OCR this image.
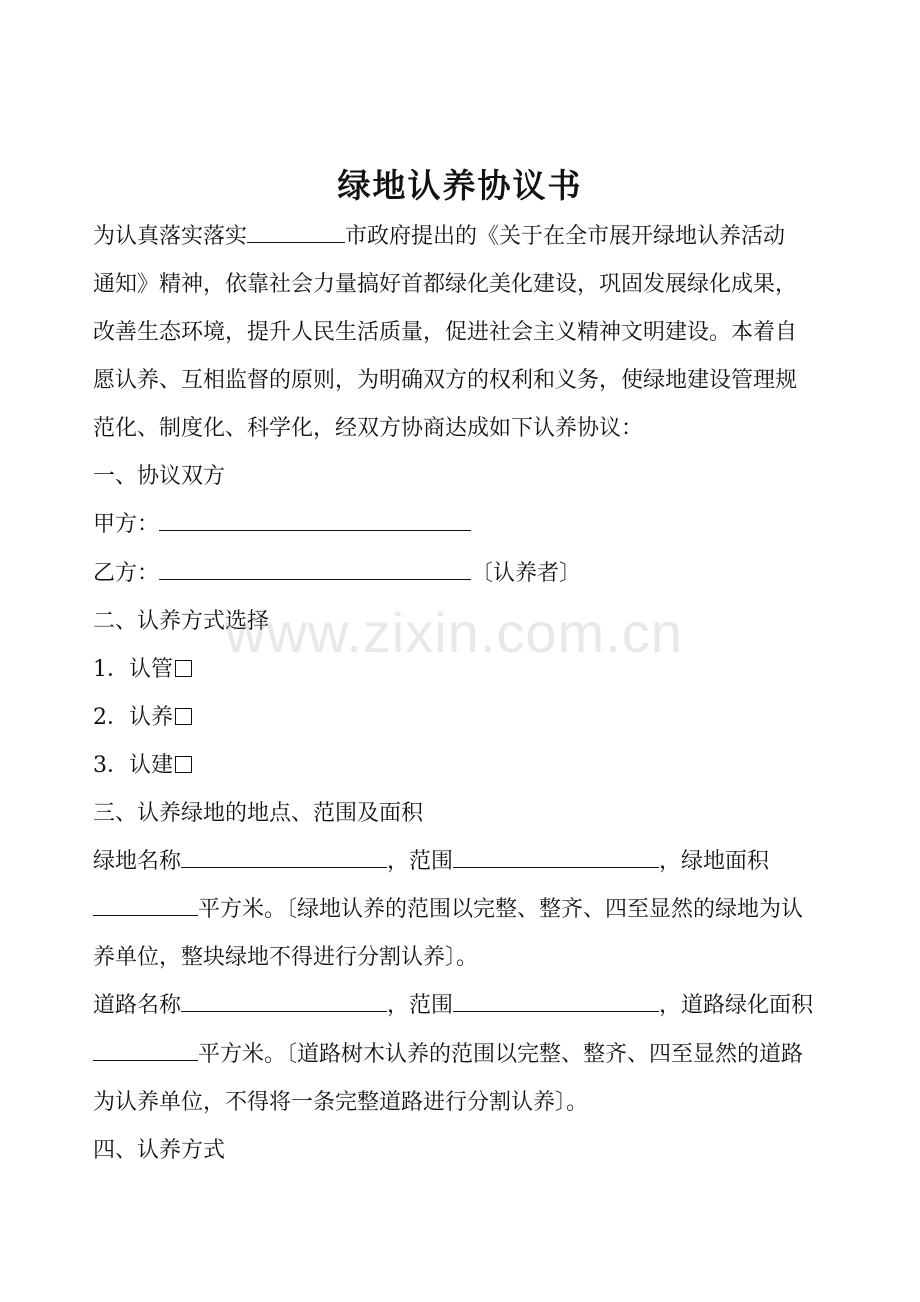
绿地认养协议书
为认真落实落实	市政府提出的《关于在全市展开绿地认养活动
通知》精神，依靠社会力量搞好首都绿化美化建设，巩固发展绿化成果，
改善生态环境，提升人民生活质量，促进社会主义精神文明建设。本着自
愿认养、互相监督的原则，为明确双方的权利和义务，使绿地建设管理规
范化、制度化、科学化，经双方协商达成如下认养协议：
一、协议双方
甲方：
乙方：	〔认养者〕
二、认养方式选择
1．认管
2．认养
3．认建
三、认养绿地的地点、范围及面积
绿地名称	，范围	，绿地面积
平方米。〔绿地认养的范围以完整、整齐、四至显然的绿地为认
养单位，整块绿地不得进行分割认养〕。
道路名称	，范围	，道路绿化面积
平方米。〔道路树木认养的范围以完整、整齐、四至显然的道路
为认养单位，不得将一条完整道路进行分割认养〕。
四、认养方式
www.zixin.com.cn
